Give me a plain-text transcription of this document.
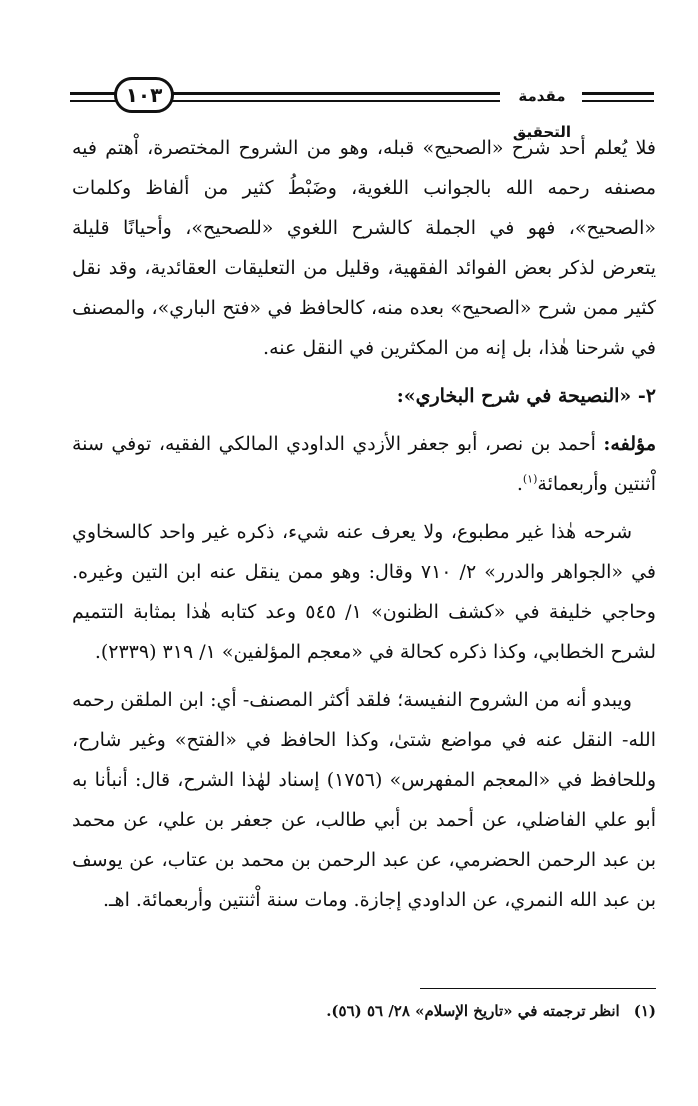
١٠٣	مقدمة التحقيق

فلا يُعلم أحد شرح «الصحيح» قبله، وهو من الشروح المختصرة، اْهتم فيه مصنفه رحمه الله بالجوانب اللغوية، وضَبْطُ كثير من ألفاظ وكلمات «الصحيح»، فهو في الجملة كالشرح اللغوي «للصحيح»، وأحيانًا قليلة يتعرض لذكر بعض الفوائد الفقهية، وقليل من التعليقات العقائدية، وقد نقل كثير ممن شرح «الصحيح» بعده منه، كالحافظ في «فتح الباري»، والمصنف في شرحنا هٰذا، بل إنه من المكثرين في النقل عنه.

٢- «النصيحة في شرح البخاري»:

مؤلفه: أحمد بن نصر، أبو جعفر الأزدي الداودي المالكي الفقيه، توفي سنة اْثنتين وأربعمائة$^{(١)}$.

شرحه هٰذا غير مطبوع، ولا يعرف عنه شيء، ذكره غير واحد كالسخاوي في «الجواهر والدرر» ٢/ ٧١٠ وقال: وهو ممن ينقل عنه ابن التين وغيره. وحاجي خليفة في «كشف الظنون» ١/ ٥٤٥ وعد كتابه هٰذا بمثابة التتميم لشرح الخطابي، وكذا ذكره كحالة في «معجم المؤلفين» ١/ ٣١٩ (٢٣٣٩).

ويبدو أنه من الشروح النفيسة؛ فلقد أكثر المصنف- أي: ابن الملقن رحمه الله- النقل عنه في مواضع شتىٰ، وكذا الحافظ في «الفتح» وغير شارح، وللحافظ في «المعجم المفهرس» (١٧٥٦) إسناد لهٰذا الشرح، قال: أنبأنا به أبو علي الفاضلي، عن أحمد بن أبي طالب، عن جعفر بن علي، عن محمد بن عبد الرحمن الحضرمي، عن عبد الرحمن بن محمد بن عتاب، عن يوسف بن عبد الله النمري، عن الداودي إجازة. ومات سنة اْثنتين وأربعمائة. اهـ.

(١)انظر ترجمته في «تاريخ الإسلام» ٢٨/ ٥٦ (٥٦).
